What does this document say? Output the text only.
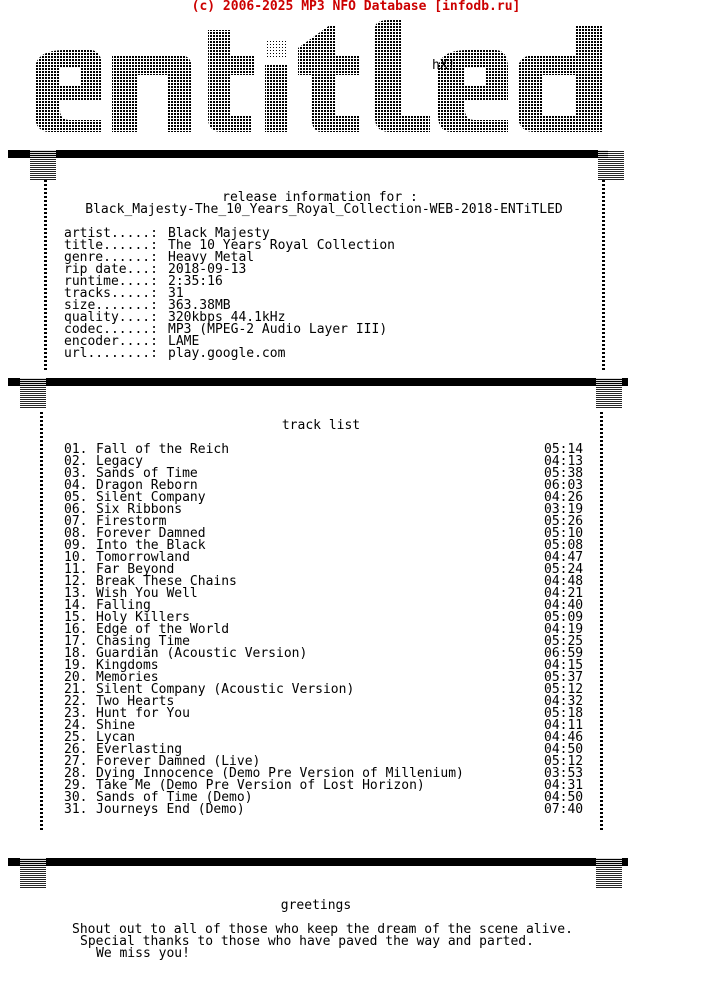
(c) 2006-2025 MP3 NFO Database [infodb.ru]
hX!
release information for :
Black_Majesty-The_10_Years_Royal_Collection-WEB-2018-ENTiTLED
artist.....: Black Majesty
title......: The 10 Years Royal Collection
genre......: Heavy Metal
rip date...: 2018-09-13
runtime....: 2:35:16
tracks.....: 31
size.......: 363.38MB
quality....: 320kbps 44.1kHz
codec......: MP3 (MPEG-2 Audio Layer III)
encoder....: LAME
url........: play.google.com
track list
01. Fall of the Reich	05:14
02. Legacy	04:13
03. Sands of Time	05:38
04. Dragon Reborn	06:03
05. Silent Company	04:26
06. Six Ribbons	03:19
07. Firestorm	05:26
08. Forever Damned	05:10
09. Into the Black	05:08
10. Tomorrowland	04:47
11. Far Beyond	05:24
12. Break These Chains	04:48
13. Wish You Well	04:21
14. Falling	04:40
15. Holy Killers	05:09
16. Edge of the World	04:19
17. Chasing Time	05:25
18. Guardian (Acoustic Version)	06:59
19. Kingdoms	04:15
20. Memories	05:37
21. Silent Company (Acoustic Version)	05:12
22. Two Hearts	04:32
23. Hunt for You	05:18
24. Shine	04:11
25. Lycan	04:46
26. Everlasting	04:50
27. Forever Damned (Live)	05:12
28. Dying Innocence (Demo Pre Version of Millenium)	03:53
29. Take Me (Demo Pre Version of Lost Horizon)	04:31
30. Sands of Time (Demo)	04:50
31. Journeys End (Demo)	07:40
greetings
Shout out to all of those who keep the dream of the scene alive.
Special thanks to those who have paved the way and parted.
We miss you!
